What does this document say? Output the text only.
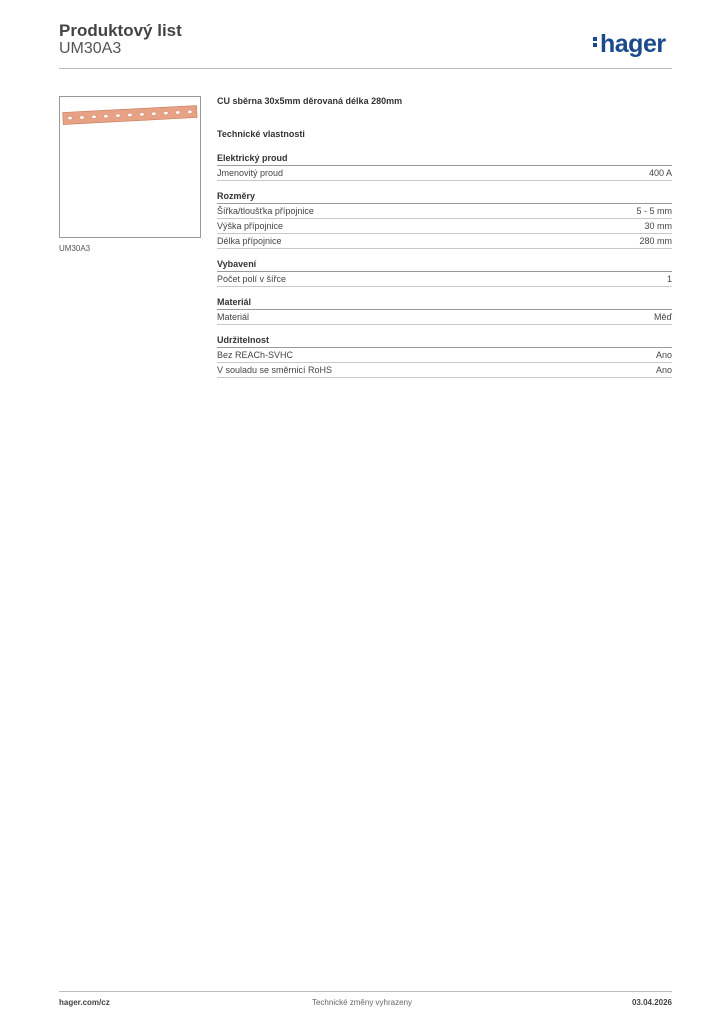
Produktový list
UM30A3	hager
UM30A3
CU sběrna 30x5mm děrovaná délka 280mm
Technické vlastnosti
Elektrický proud
Jmenovitý proud	400 A
Rozměry
Šířka/tloušťka přípojnice	5 - 5 mm
Výška přípojnice	30 mm
Délka přípojnice	280 mm
Vybavení
Počet polí v šířce	1
Materiál
Materiál	Měď
Udržitelnost
Bez REACh-SVHC	Ano
V souladu se směrnicí RoHS	Ano
hager.com/cz	Technické změny vyhrazeny	03.04.2026
